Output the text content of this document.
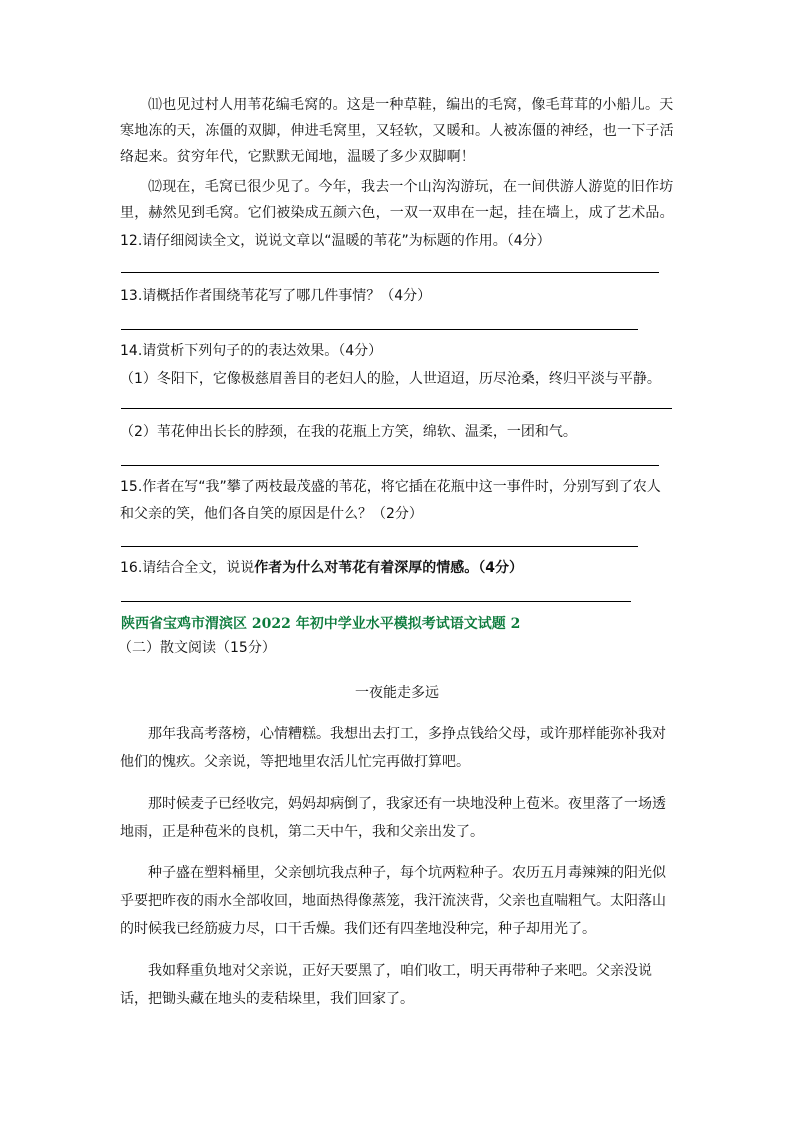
⑾也见过村人用苇花编毛窝的。这是一种草鞋，编出的毛窝，像毛茸茸的小船儿。天寒地冻的天，冻僵的双脚，伸进毛窝里，又轻软，又暖和。人被冻僵的神经，也一下子活络起来。贫穷年代，它默默无闻地，温暖了多少双脚啊！
⑿现在，毛窝已很少见了。今年，我去一个山沟沟游玩，在一间供游人游览的旧作坊里，赫然见到毛窝。它们被染成五颜六色，一双一双串在一起，挂在墙上，成了艺术品。
12.请仔细阅读全文，说说文章以“温暖的苇花”为标题的作用。（4分）
13.请概括作者围绕苇花写了哪几件事情？（4分）
14.请赏析下列句子的的表达效果。（4分）
（1）冬阳下，它像极慈眉善目的老妇人的脸，人世迢迢，历尽沧桑，终归平淡与平静。
（2）苇花伸出长长的脖颈，在我的花瓶上方笑，绵软、温柔，一团和气。
15.作者在写“我”攀了两枝最茂盛的苇花，将它插在花瓶中这一事件时，分别写到了农人
和父亲的笑，他们各自笑的原因是什么？（2分）
16.请结合全文，说说作者为什么对苇花有着深厚的情感。（4分）
陕西省宝鸡市渭滨区 2022 年初中学业水平模拟考试语文试题 2
（二）散文阅读（15分）
一夜能走多远
那年我高考落榜，心情糟糕。我想出去打工，多挣点钱给父母，或许那样能弥补我对他们的愧疚。父亲说，等把地里农活儿忙完再做打算吧。
那时候麦子已经收完，妈妈却病倒了，我家还有一块地没种上苞米。夜里落了一场透地雨，正是种苞米的良机，第二天中午，我和父亲出发了。
种子盛在塑料桶里，父亲刨坑我点种子，每个坑两粒种子。农历五月毒辣辣的阳光似乎要把昨夜的雨水全部收回，地面热得像蒸笼，我汗流浃背，父亲也直喘粗气。太阳落山的时候我已经筋疲力尽，口干舌燥。我们还有四垄地没种完，种子却用光了。
我如释重负地对父亲说，正好天要黑了，咱们收工，明天再带种子来吧。父亲没说话，把锄头藏在地头的麦秸垛里，我们回家了。
